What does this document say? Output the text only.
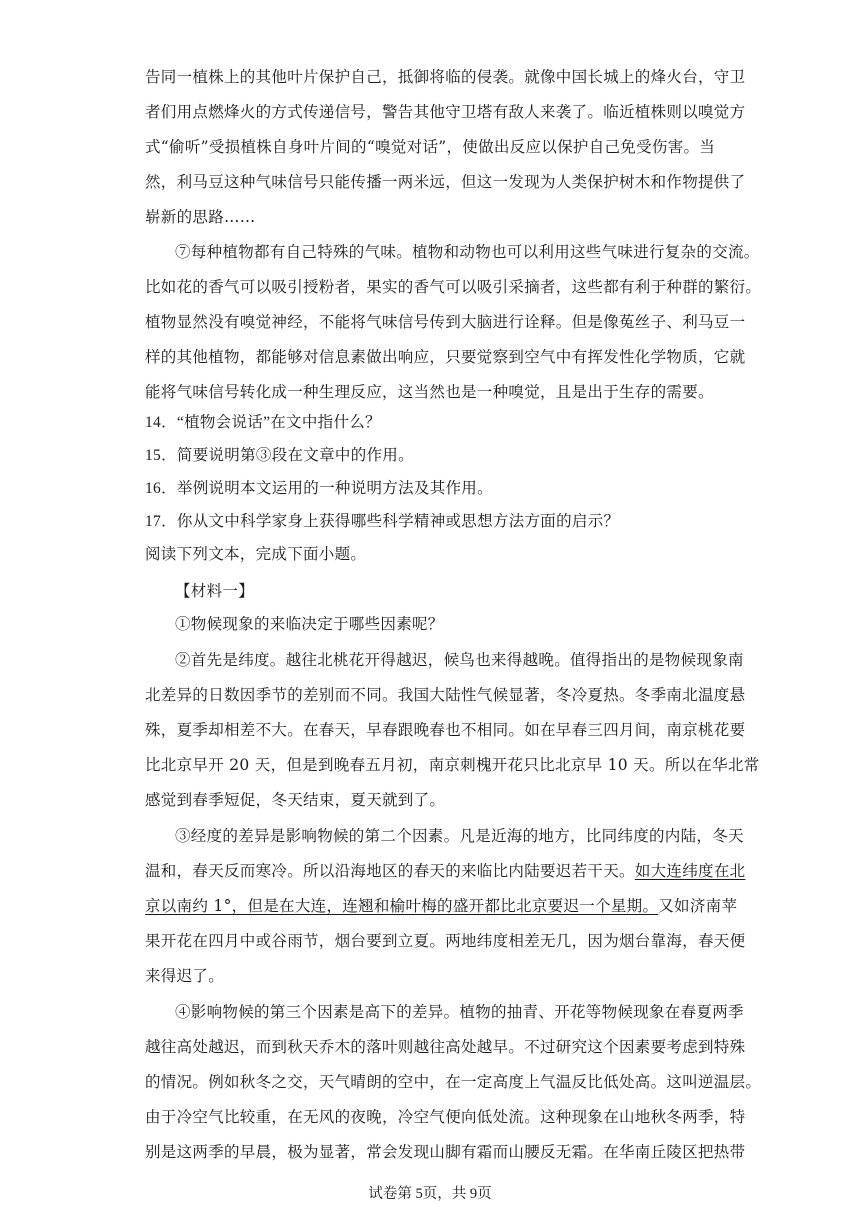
告同一植株上的其他叶片保护自己，抵御将临的侵袭。就像中国长城上的烽火台，守卫
者们用点燃烽火的方式传递信号，警告其他守卫塔有敌人来袭了。临近植株则以嗅觉方
式“偷听”受损植株自身叶片间的“嗅觉对话”，使做出反应以保护自己免受伤害。当
然，利马豆这种气味信号只能传播一两米远，但这一发现为人类保护树木和作物提供了
崭新的思路……
⑦每种植物都有自己特殊的气味。植物和动物也可以利用这些气味进行复杂的交流。
比如花的香气可以吸引授粉者，果实的香气可以吸引采摘者，这些都有利于种群的繁衍。
植物显然没有嗅觉神经，不能将气味信号传到大脑进行诠释。但是像菟丝子、利马豆一
样的其他植物，都能够对信息素做出响应，只要觉察到空气中有挥发性化学物质，它就
能将气味信号转化成一种生理反应，这当然也是一种嗅觉，且是出于生存的需要。
14．“植物会说话”在文中指什么？
15．简要说明第③段在文章中的作用。
16．举例说明本文运用的一种说明方法及其作用。
17．你从文中科学家身上获得哪些科学精神或思想方法方面的启示？
阅读下列文本，完成下面小题。
【材料一】
①物候现象的来临决定于哪些因素呢？
②首先是纬度。越往北桃花开得越迟，候鸟也来得越晚。值得指出的是物候现象南
北差异的日数因季节的差别而不同。我国大陆性气候显著，冬冷夏热。冬季南北温度悬
殊，夏季却相差不大。在春天，早春跟晚春也不相同。如在早春三四月间，南京桃花要
比北京早开 20 天，但是到晚春五月初，南京刺槐开花只比北京早 10 天。所以在华北常
感觉到春季短促，冬天结束，夏天就到了。
③经度的差异是影响物候的第二个因素。凡是近海的地方，比同纬度的内陆，冬天
温和，春天反而寒冷。所以沿海地区的春天的来临比内陆要迟若干天。如大连纬度在北
京以南约 1°，但是在大连，连翘和榆叶梅的盛开都比北京要迟一个星期。又如济南苹
果开花在四月中或谷雨节，烟台要到立夏。两地纬度相差无几，因为烟台靠海，春天便
来得迟了。
④影响物候的第三个因素是高下的差异。植物的抽青、开花等物候现象在春夏两季
越往高处越迟，而到秋天乔木的落叶则越往高处越早。不过研究这个因素要考虑到特殊
的情况。例如秋冬之交，天气晴朗的空中，在一定高度上气温反比低处高。这叫逆温层。
由于冷空气比较重，在无风的夜晚，冷空气便向低处流。这种现象在山地秋冬两季，特
别是这两季的早晨，极为显著，常会发现山脚有霜而山腰反无霜。在华南丘陵区把热带
试卷第 5页，共 9页
